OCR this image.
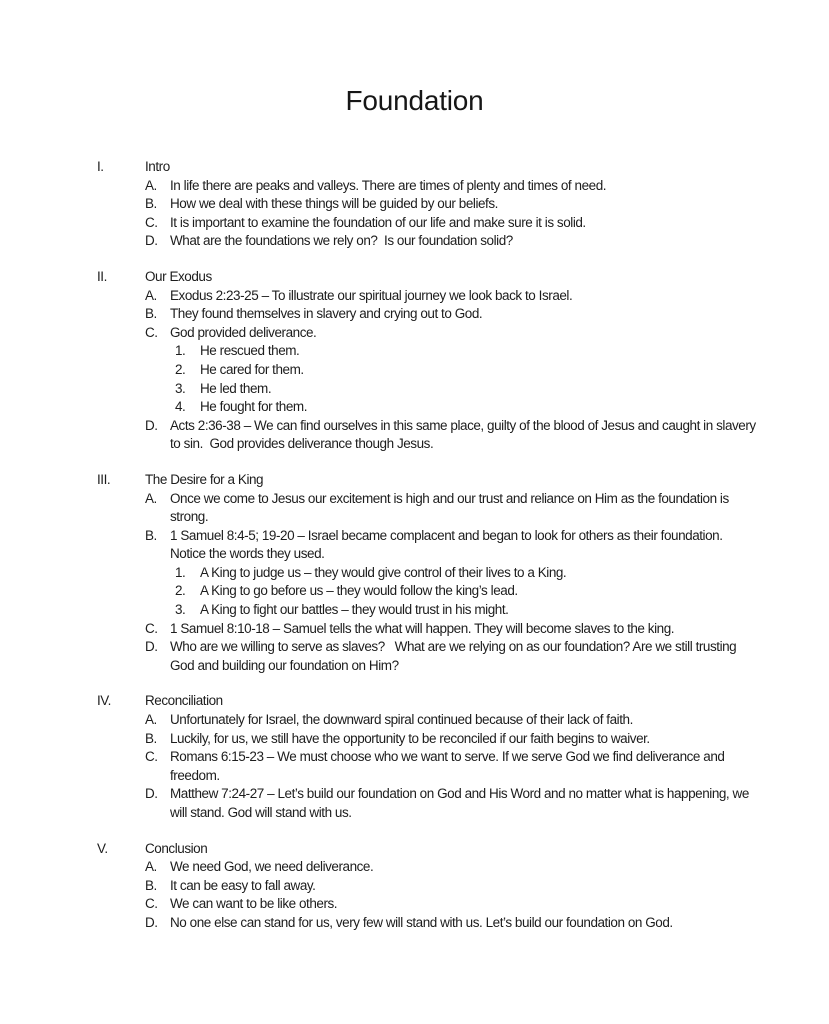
Foundation
I.	Intro
A. In life there are peaks and valleys. There are times of plenty and times of need.
B. How we deal with these things will be guided by our beliefs.
C. It is important to examine the foundation of our life and make sure it is solid.
D. What are the foundations we rely on?  Is our foundation solid?
II.	Our Exodus
A. Exodus 2:23-25 – To illustrate our spiritual journey we look back to Israel.
B. They found themselves in slavery and crying out to God.
C. God provided deliverance.
1.	He rescued them.
2.	He cared for them.
3.	He led them.
4.	He fought for them.
D. Acts 2:36-38 – We can find ourselves in this same place, guilty of the blood of Jesus and caught in slavery to sin.  God provides deliverance though Jesus.
III.	The Desire for a King
A. Once we come to Jesus our excitement is high and our trust and reliance on Him as the foundation is strong.
B. 1 Samuel 8:4-5; 19-20 – Israel became complacent and began to look for others as their foundation. Notice the words they used.
1.	A King to judge us – they would give control of their lives to a King.
2.	A King to go before us – they would follow the king’s lead.
3.	A King to fight our battles – they would trust in his might.
C. 1 Samuel 8:10-18 – Samuel tells the what will happen. They will become slaves to the king.
D. Who are we willing to serve as slaves?   What are we relying on as our foundation? Are we still trusting God and building our foundation on Him?
IV.	Reconciliation
A. Unfortunately for Israel, the downward spiral continued because of their lack of faith.
B. Luckily, for us, we still have the opportunity to be reconciled if our faith begins to waiver.
C. Romans 6:15-23 – We must choose who we want to serve. If we serve God we find deliverance and freedom.
D. Matthew 7:24-27 – Let’s build our foundation on God and His Word and no matter what is happening, we will stand. God will stand with us.
V.	Conclusion
A. We need God, we need deliverance.
B. It can be easy to fall away.
C. We can want to be like others.
D. No one else can stand for us, very few will stand with us. Let’s build our foundation on God.
